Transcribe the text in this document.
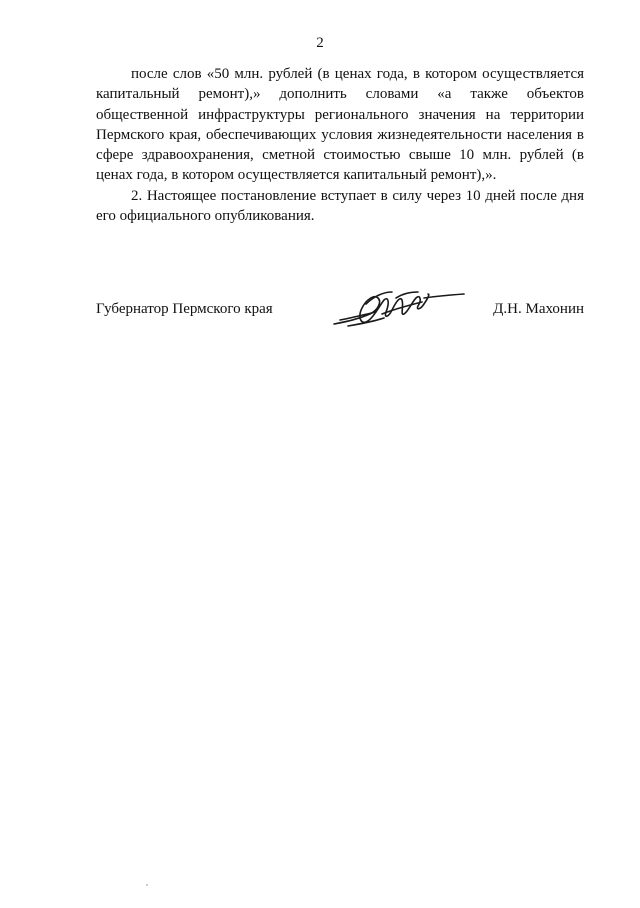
2

после слов «50 млн. рублей (в ценах года, в котором осуществляется капитальный ремонт),» дополнить словами «а также объектов общественной инфраструктуры регионального значения на территории Пермского края, обеспечивающих условия жизнедеятельности населения в сфере здравоохранения, сметной стоимостью свыше 10 млн. рублей (в ценах года, в котором осуществляется капитальный ремонт),».

2. Настоящее постановление вступает в силу через 10 дней после дня его официального опубликования.

Губернатор Пермского края	Д.Н. Махонин
